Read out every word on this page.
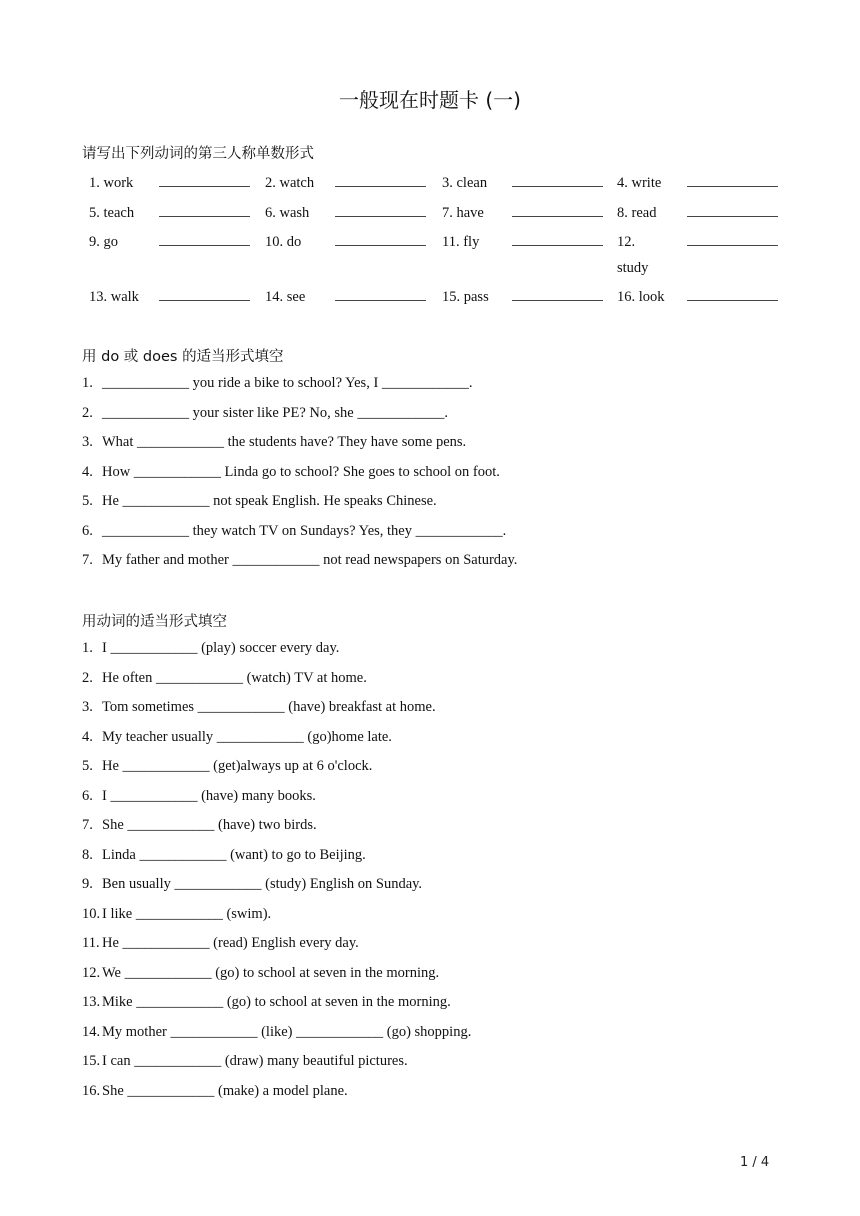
一般现在时题卡 (一)
请写出下列动词的第三人称单数形式
1. work	2. watch	3. clean	4. write
5. teach	6. wash	7. have	8. read
9. go	10. do	11. fly	12. study
13. walk	14. see	15. pass	16. look
用 do 或 does 的适当形式填空
1. ____________ you ride a bike to school? Yes, I ____________.
2. ____________ your sister like PE? No, she ____________.
3. What ____________ the students have? They have some pens.
4. How ____________ Linda go to school? She goes to school on foot.
5. He ____________ not speak English. He speaks Chinese.
6. ____________ they watch TV on Sundays? Yes, they ____________.
7. My father and mother ____________ not read newspapers on Saturday.
用动词的适当形式填空
1. I ____________ (play) soccer every day.
2. He often ____________ (watch) TV at home.
3. Tom sometimes ____________ (have) breakfast at home.
4. My teacher usually ____________ (go)home late.
5. He ____________ (get)always up at 6 o'clock.
6. I ____________ (have) many books.
7. She ____________ (have) two birds.
8. Linda ____________ (want) to go to Beijing.
9. Ben usually ____________ (study) English on Sunday.
10. I like ____________ (swim).
11. He ____________ (read) English every day.
12. We ____________ (go) to school at seven in the morning.
13. Mike ____________ (go) to school at seven in the morning.
14. My mother ____________ (like) ____________ (go) shopping.
15. I can ____________ (draw) many beautiful pictures.
16. She ____________ (make) a model plane.
1 / 4
